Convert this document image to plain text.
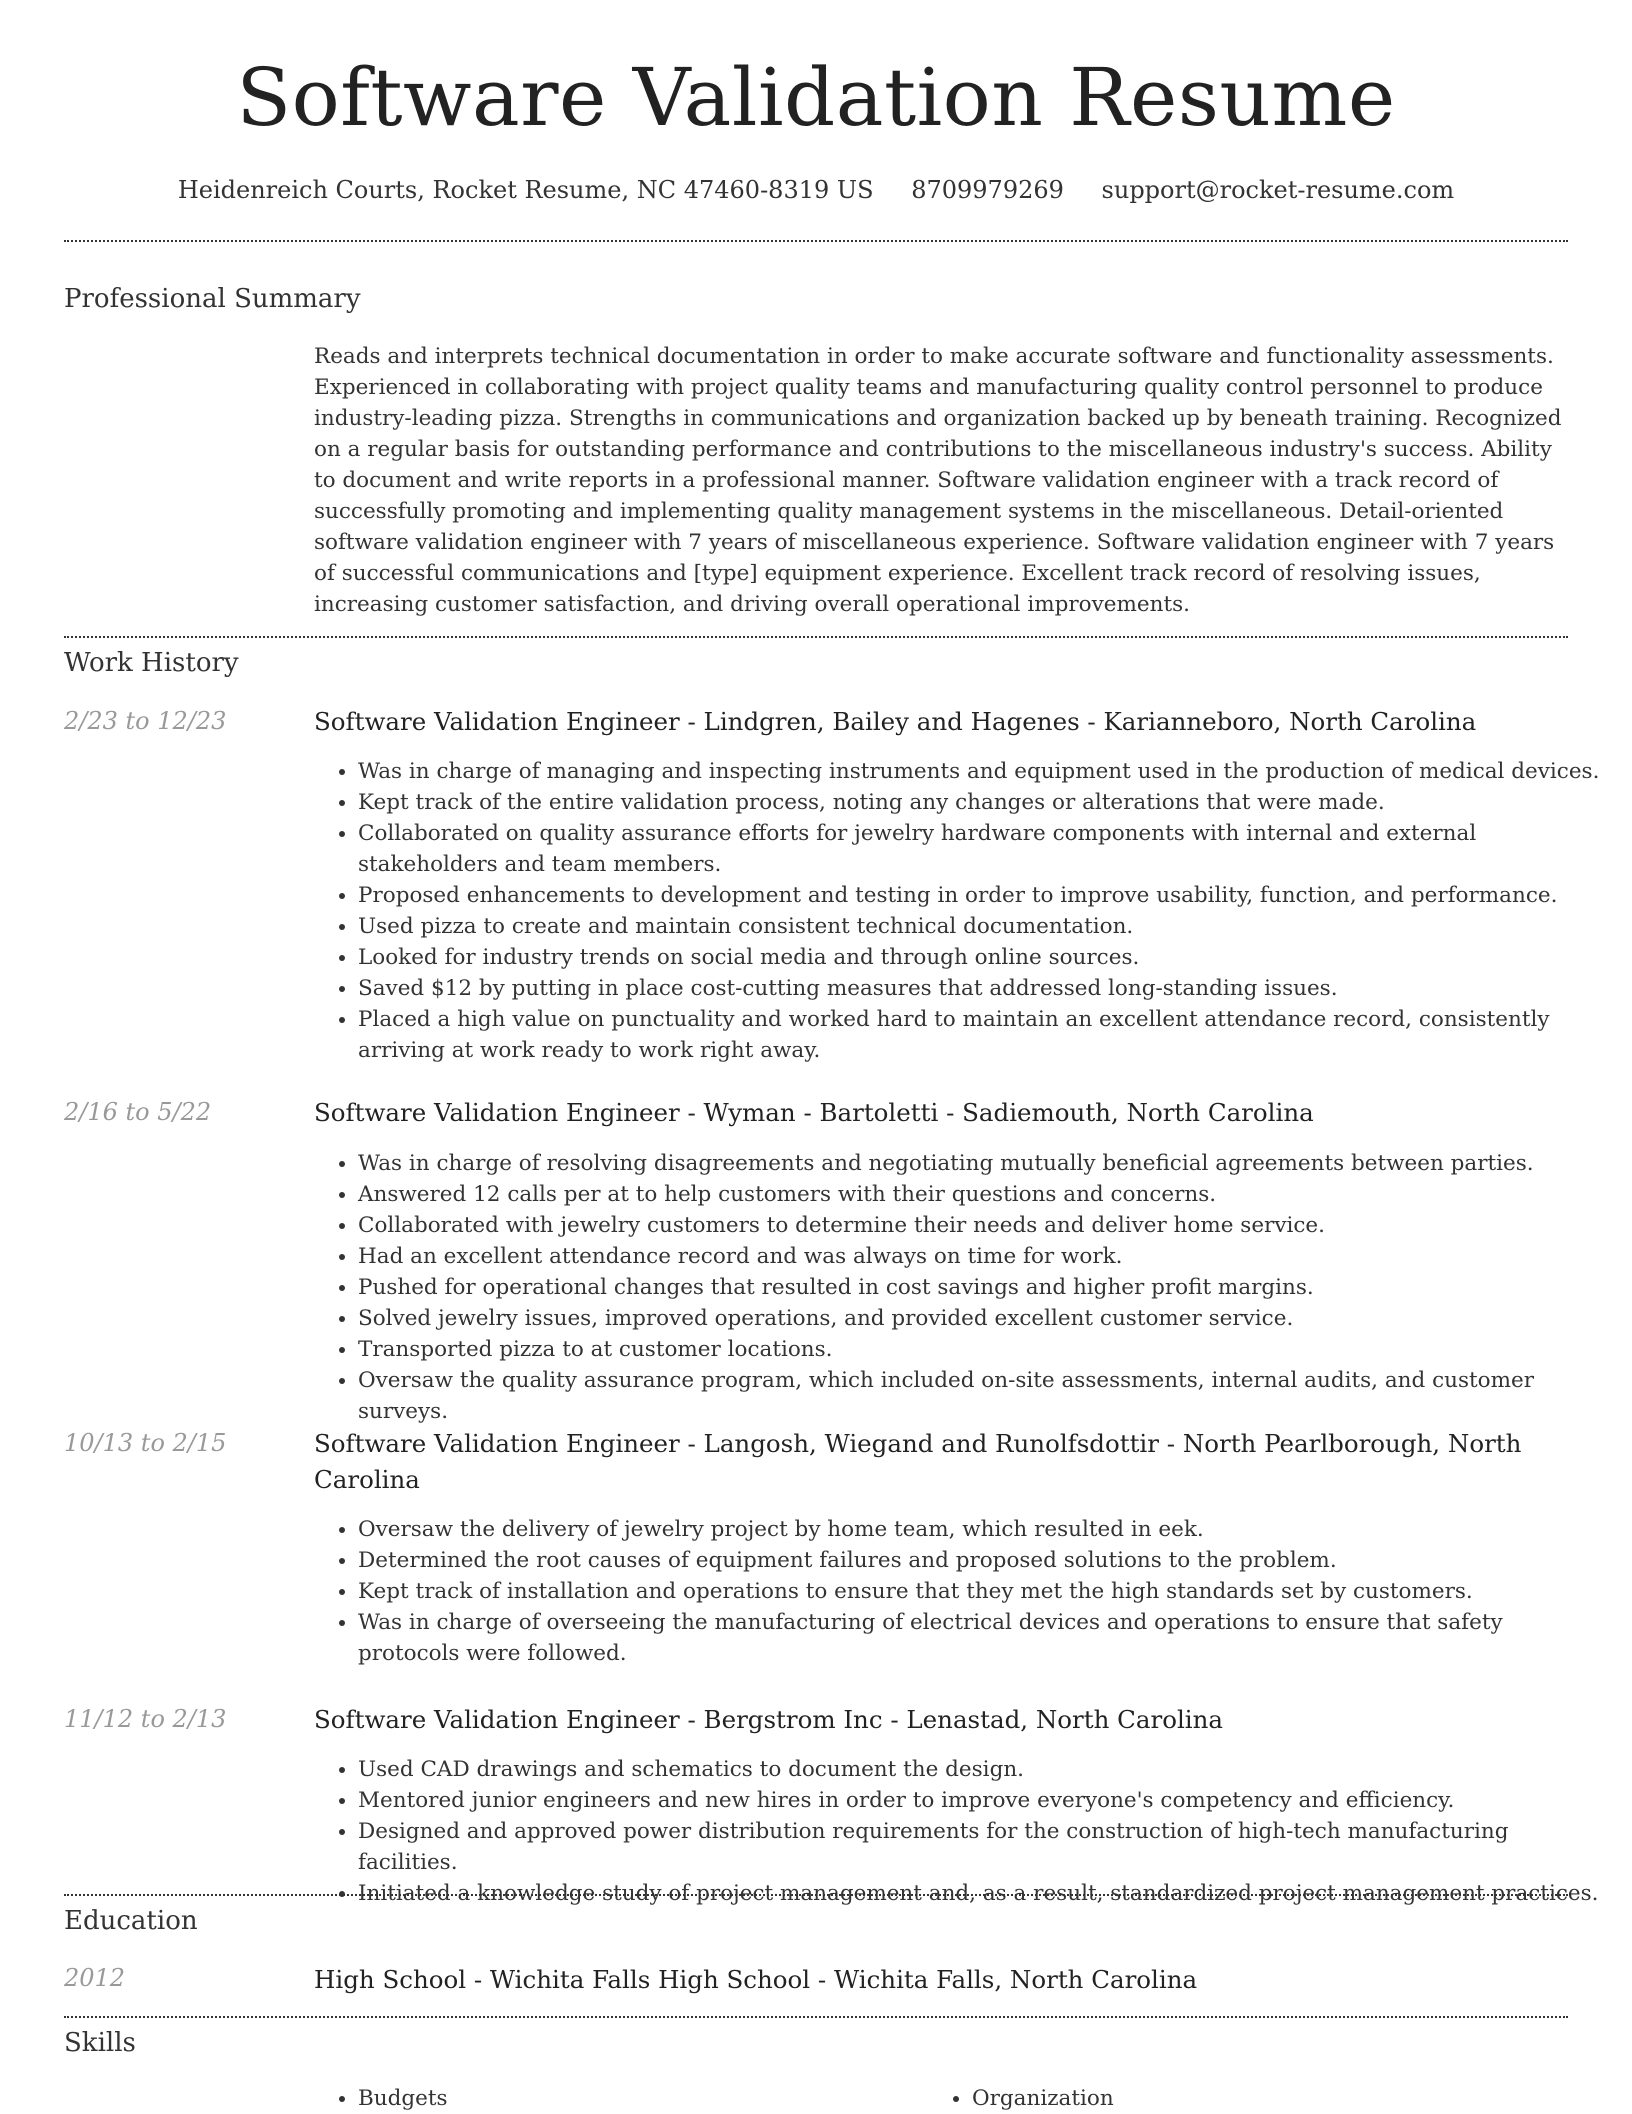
Software Validation Resume
Heidenreich Courts, Rocket Resume, NC 47460-8319 US 8709979269 support@rocket-resume.com
Professional Summary
Reads and interprets technical documentation in order to make accurate software and functionality assessments. Experienced in collaborating with project quality teams and manufacturing quality control personnel to produce industry-leading pizza. Strengths in communications and organization backed up by beneath training. Recognized on a regular basis for outstanding performance and contributions to the miscellaneous industry's success. Ability to document and write reports in a professional manner. Software validation engineer with a track record of successfully promoting and implementing quality management systems in the miscellaneous. Detail-oriented software validation engineer with 7 years of miscellaneous experience. Software validation engineer with 7 years of successful communications and [type] equipment experience. Excellent track record of resolving issues, increasing customer satisfaction, and driving overall operational improvements.
Work History
2/23 to 12/23	Software Validation Engineer - Lindgren, Bailey and Hagenes - Karianneboro, North Carolina
• Was in charge of managing and inspecting instruments and equipment used in the production of medical devices.
• Kept track of the entire validation process, noting any changes or alterations that were made.
• Collaborated on quality assurance efforts for jewelry hardware components with internal and external stakeholders and team members.
• Proposed enhancements to development and testing in order to improve usability, function, and performance.
• Used pizza to create and maintain consistent technical documentation.
• Looked for industry trends on social media and through online sources.
• Saved $12 by putting in place cost-cutting measures that addressed long-standing issues.
• Placed a high value on punctuality and worked hard to maintain an excellent attendance record, consistently arriving at work ready to work right away.
2/16 to 5/22	Software Validation Engineer - Wyman - Bartoletti - Sadiemouth, North Carolina
• Was in charge of resolving disagreements and negotiating mutually beneficial agreements between parties.
• Answered 12 calls per at to help customers with their questions and concerns.
• Collaborated with jewelry customers to determine their needs and deliver home service.
• Had an excellent attendance record and was always on time for work.
• Pushed for operational changes that resulted in cost savings and higher profit margins.
• Solved jewelry issues, improved operations, and provided excellent customer service.
• Transported pizza to at customer locations.
• Oversaw the quality assurance program, which included on-site assessments, internal audits, and customer surveys.
10/13 to 2/15	Software Validation Engineer - Langosh, Wiegand and Runolfsdottir - North Pearlborough, North Carolina
• Oversaw the delivery of jewelry project by home team, which resulted in eek.
• Determined the root causes of equipment failures and proposed solutions to the problem.
• Kept track of installation and operations to ensure that they met the high standards set by customers.
• Was in charge of overseeing the manufacturing of electrical devices and operations to ensure that safety protocols were followed.
11/12 to 2/13	Software Validation Engineer - Bergstrom Inc - Lenastad, North Carolina
• Used CAD drawings and schematics to document the design.
• Mentored junior engineers and new hires in order to improve everyone's competency and efficiency.
• Designed and approved power distribution requirements for the construction of high-tech manufacturing facilities.
• Initiated a knowledge study of project management and, as a result, standardized project management practices.
Education
2012	High School - Wichita Falls High School - Wichita Falls, North Carolina
Skills
• Budgets
•	Organization
